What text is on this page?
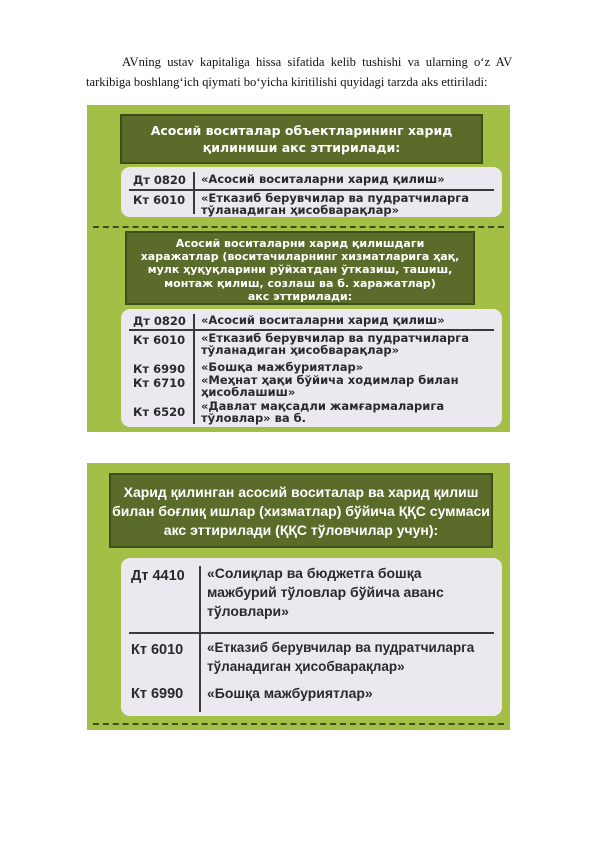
AVning ustav kapitaliga hissa sifatida kelib tushishi va ularning o‘z AV tarkibiga boshlang‘ich qiymati bo‘yicha kiritilishi quyidagi tarzda aks ettiriladi:
Асосий воситалар объектларининг харид
қилиниши акс эттирилади:
Дт 0820 «Асосий воситаларни харид қилиш»
Кт 6010 «Етказиб берувчилар ва пудратчиларга
тўланадиган ҳисобварақлар»
Асосий воситаларни харид қилишдаги
харажатлар (воситачиларнинг хизматларига ҳақ,
мулк ҳуқуқларини рўйхатдан ўтказиш, ташиш,
монтаж қилиш, созлаш ва б. харажатлар)
акс эттирилади:
Дт 0820 «Асосий воситаларни харид қилиш»
Кт 6010 «Етказиб берувчилар ва пудратчиларга
тўланадиган ҳисобварақлар»
Кт 6990 «Бошқа мажбуриятлар»
Кт 6710 «Меҳнат ҳақи бўйича ходимлар билан
ҳисоблашиш»
Кт 6520 «Давлат мақсадли жамғармаларига
тўловлар» ва б.
Харид қилинган асосий воситалар ва харид қилиш
билан боғлиқ ишлар (хизматлар) бўйича ҚҚС суммаси
акс эттирилади (ҚҚС тўловчилар учун):
Дт 4410 «Солиқлар ва бюджетга бошқа
мажбурий тўловлар бўйича аванс
тўловлари»
Кт 6010 «Етказиб берувчилар ва пудратчиларга
тўланадиган ҳисобварақлар»
Кт 6990 «Бошқа мажбуриятлар»
